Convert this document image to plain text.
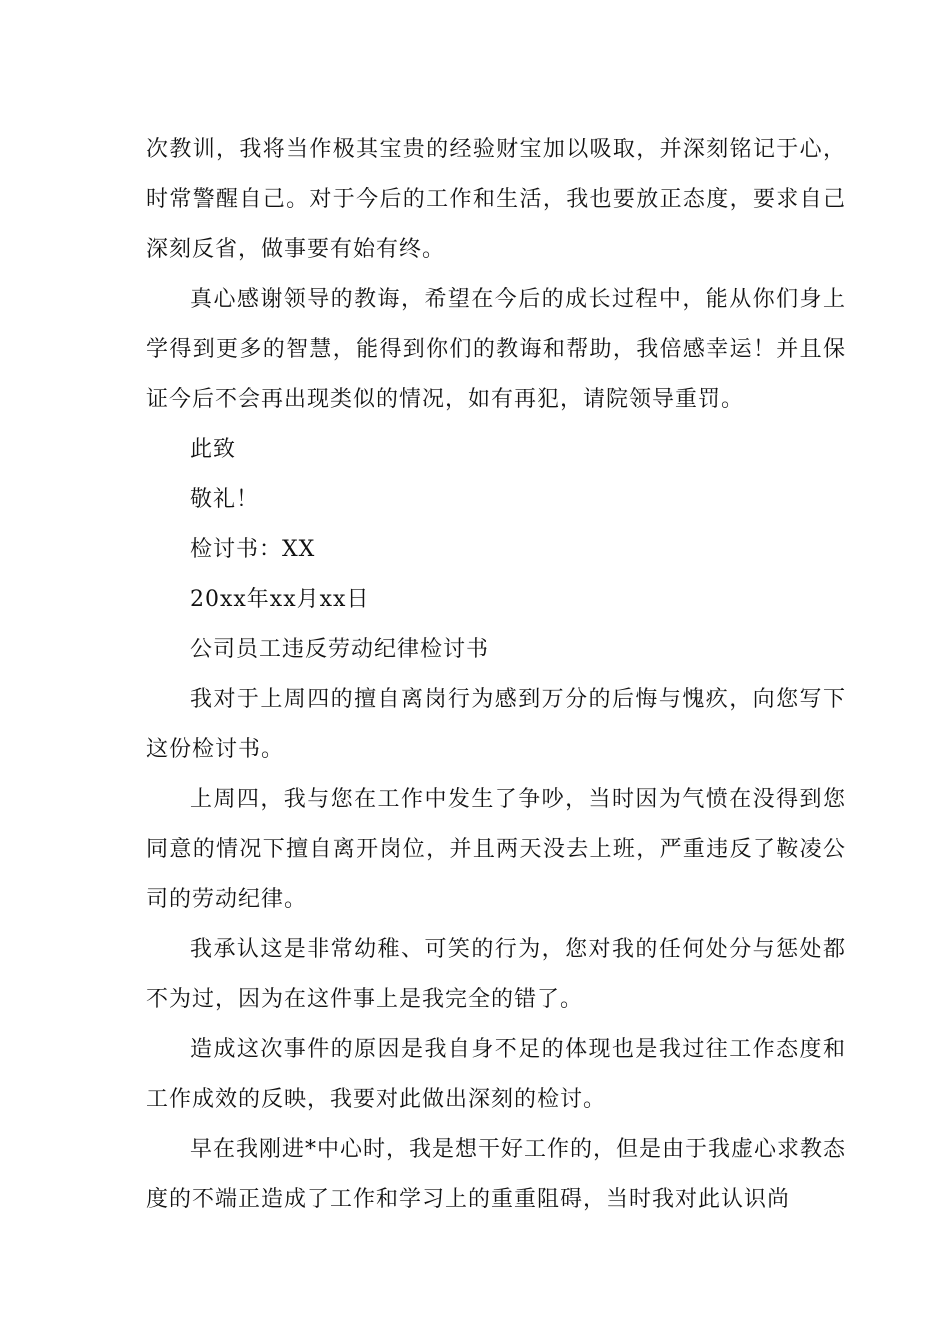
次教训，我将当作极其宝贵的经验财宝加以吸取，并深刻铭记于心，时常警醒自己。对于今后的工作和生活，我也要放正态度，要求自己深刻反省，做事要有始有终。

真心感谢领导的教诲，希望在今后的成长过程中，能从你们身上学得到更多的智慧，能得到你们的教诲和帮助，我倍感幸运！并且保证今后不会再出现类似的情况，如有再犯，请院领导重罚。

此致

敬礼！

检讨书：XX

20xx年xx月xx日

公司员工违反劳动纪律检讨书

我对于上周四的擅自离岗行为感到万分的后悔与愧疚，向您写下这份检讨书。

上周四，我与您在工作中发生了争吵，当时因为气愤在没得到您同意的情况下擅自离开岗位，并且两天没去上班，严重违反了鞍凌公司的劳动纪律。

我承认这是非常幼稚、可笑的行为，您对我的任何处分与惩处都不为过，因为在这件事上是我完全的错了。

造成这次事件的原因是我自身不足的体现也是我过往工作态度和工作成效的反映，我要对此做出深刻的检讨。

早在我刚进*中心时，我是想干好工作的，但是由于我虚心求教态度的不端正造成了工作和学习上的重重阻碍，当时我对此认识尚
